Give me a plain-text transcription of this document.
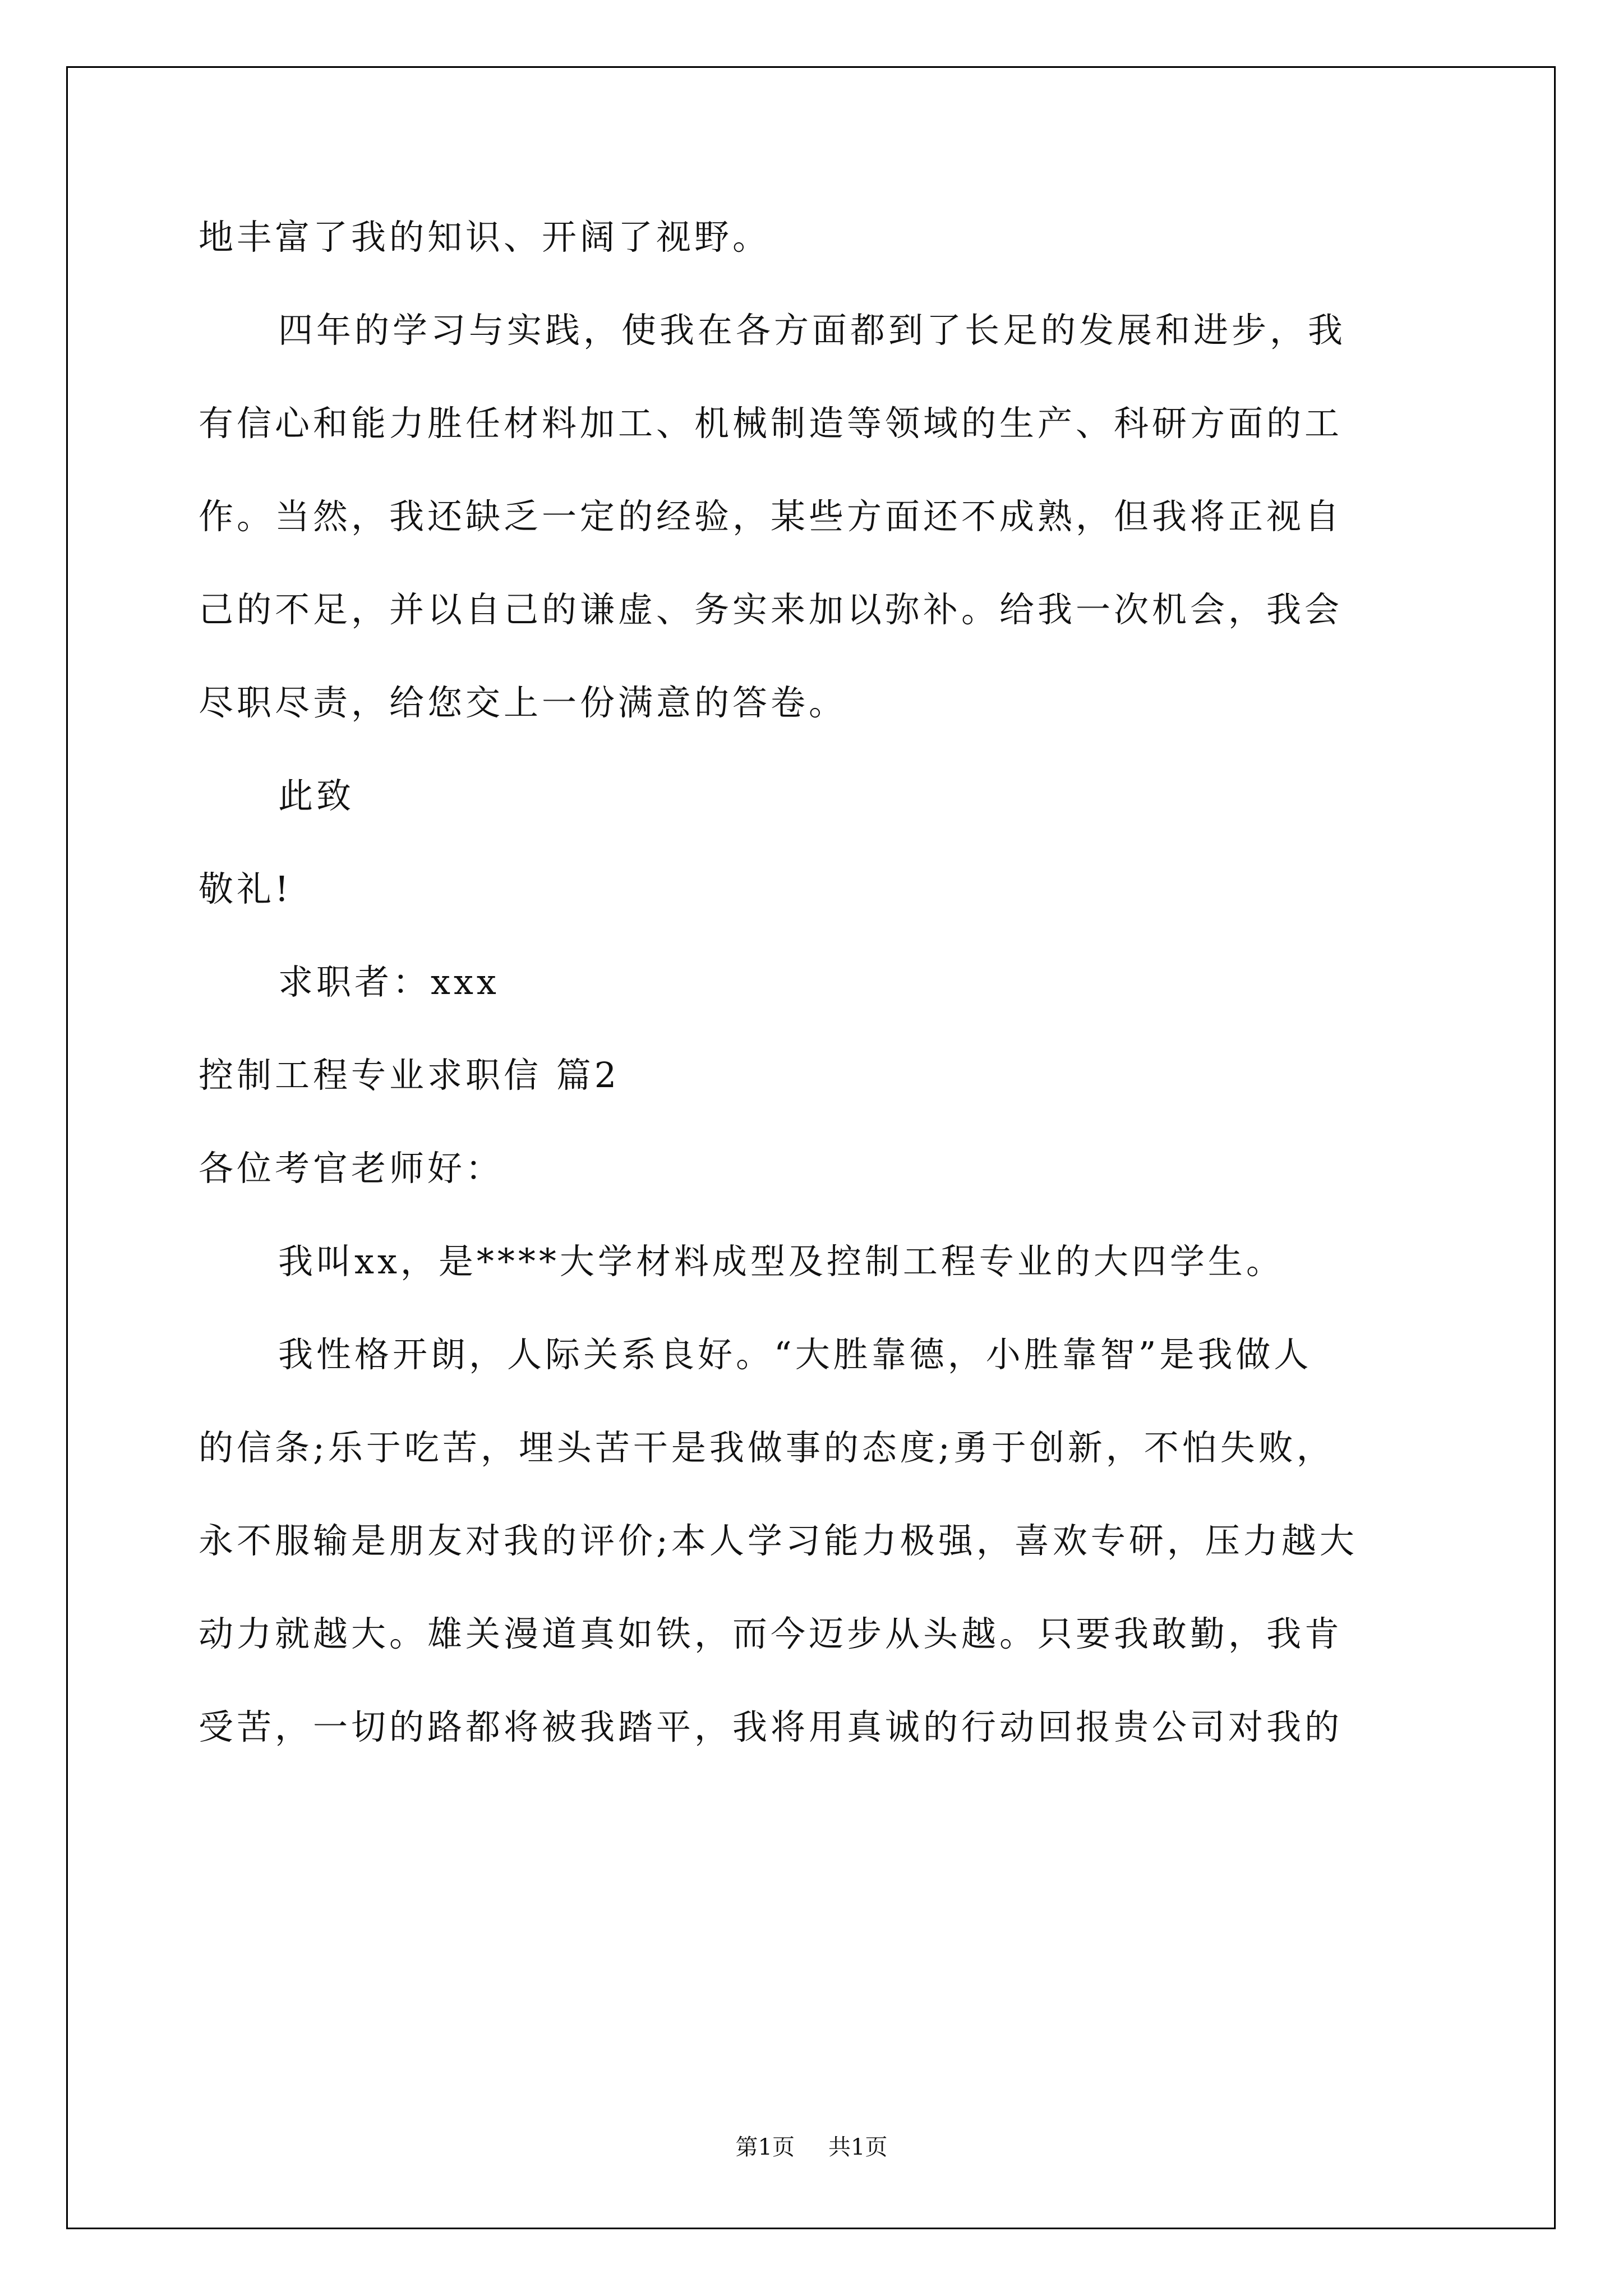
地丰富了我的知识、开阔了视野。
四年的学习与实践，使我在各方面都到了长足的发展和进步，我
有信心和能力胜任材料加工、机械制造等领域的生产、科研方面的工
作。当然，我还缺乏一定的经验，某些方面还不成熟，但我将正视自
己的不足，并以自己的谦虚、务实来加以弥补。给我一次机会，我会
尽职尽责，给您交上一份满意的答卷。
此致
敬礼!
求职者：xxx
控制工程专业求职信 篇2
各位考官老师好：
我叫xx，是****大学材料成型及控制工程专业的大四学生。
我性格开朗，人际关系良好。“大胜靠德，小胜靠智”是我做人
的信条;乐于吃苦，埋头苦干是我做事的态度;勇于创新，不怕失败，
永不服输是朋友对我的评价;本人学习能力极强，喜欢专研，压力越大
动力就越大。雄关漫道真如铁，而今迈步从头越。只要我敢勤，我肯
受苦，一切的路都将被我踏平，我将用真诚的行动回报贵公司对我的
第1页 共1页
